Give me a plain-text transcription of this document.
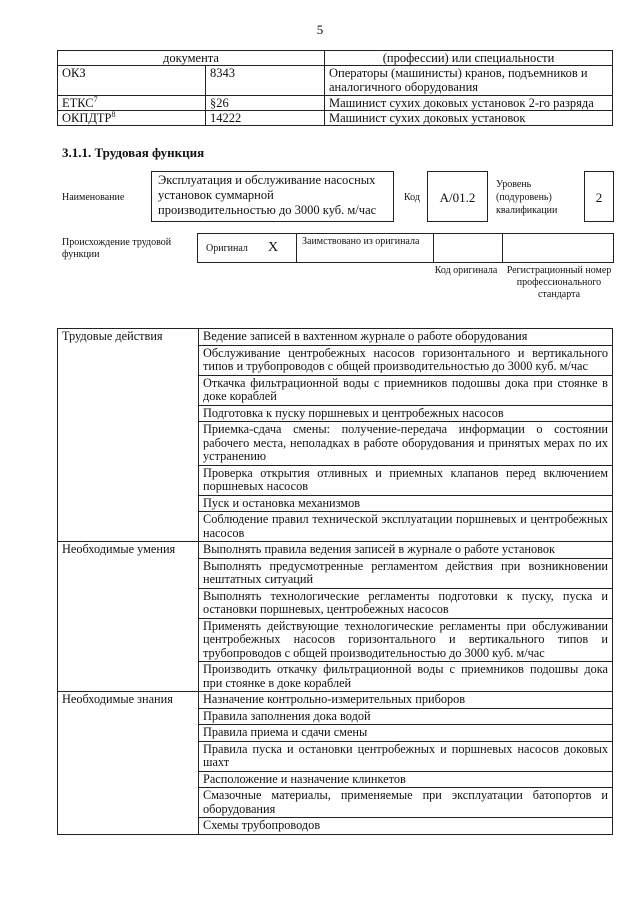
5
документа		(профессии) или специальности
ОКЗ	8343	Операторы (машинисты) кранов, подъемников и аналогичного оборудования
ЕТКС$^7$	§26	Машинист сухих доковых установок 2-го разряда
ОКПДТР$^8$	14222	Машинист сухих доковых установок
3.1.1. Трудовая функция
Наименование
Эксплуатация и обслуживание насосных установок суммарной производительностью до 3000 куб. м/час
Код	А/01.2
Уровень (подуровень) квалификации
2
Происхождение трудовой функции
Оригинал X Заимствовано из оригинала
Код оригинала Регистрационный номер профессионального стандарта
Трудовые действия	Ведение записей в вахтенном журнале о работе оборудования
	Обслуживание центробежных насосов горизонтального и вертикального типов и трубопроводов с общей производительностью до 3000 куб. м/час
	Откачка фильтрационной воды с приемников подошвы дока при стоянке в доке кораблей
	Подготовка к пуску поршневых и центробежных насосов
	Приемка-сдача смены: получение-передача информации о состоянии рабочего места, неполадках в работе оборудования и принятых мерах по их устранению
	Проверка открытия отливных и приемных клапанов перед включением поршневых насосов
	Пуск и остановка механизмов
	Соблюдение правил технической эксплуатации поршневых и центробежных насосов
Необходимые умения	Выполнять правила ведения записей в журнале о работе установок
	Выполнять предусмотренные регламентом действия при возникновении нештатных ситуаций
	Выполнять технологические регламенты подготовки к пуску, пуска и остановки поршневых, центробежных насосов
	Применять действующие технологические регламенты при обслуживании центробежных насосов горизонтального и вертикального типов и трубопроводов с общей производительностью до 3000 куб. м/час
	Производить откачку фильтрационной воды с приемников подошвы дока при стоянке в доке кораблей
Необходимые знания	Назначение контрольно-измерительных приборов
	Правила заполнения дока водой
	Правила приема и сдачи смены
	Правила пуска и остановки центробежных и поршневых насосов доковых шахт
	Расположение и назначение клинкетов
	Смазочные материалы, применяемые при эксплуатации батопортов и оборудования
	Схемы трубопроводов
